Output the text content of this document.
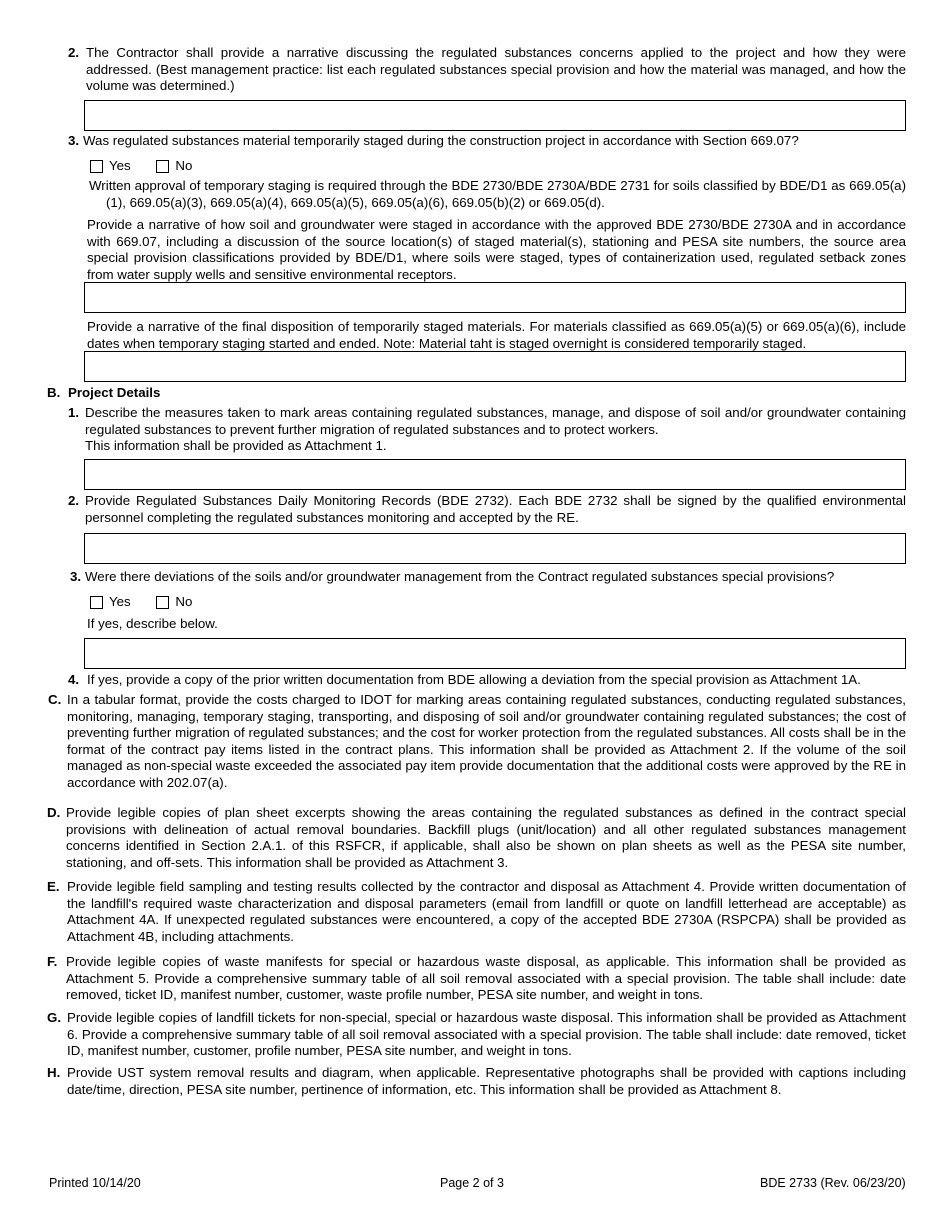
2. The Contractor shall provide a narrative discussing the regulated substances concerns applied to the project and how they were addressed. (Best management practice: list each regulated substances special provision and how the material was managed, and how the volume was determined.)
3. Was regulated substances material temporarily staged during the construction project in accordance with Section 669.07?
Yes
	No
Written approval of temporary staging is required through the BDE 2730/BDE 2730A/BDE 2731 for soils classified by BDE/D1 as 669.05(a)(1), 669.05(a)(3), 669.05(a)(4), 669.05(a)(5), 669.05(a)(6), 669.05(b)(2) or 669.05(d).
Provide a narrative of how soil and groundwater were staged in accordance with the approved BDE 2730/BDE 2730A and in accordance with 669.07, including a discussion of the source location(s) of staged material(s), stationing and PESA site numbers, the source area special provision classifications provided by BDE/D1, where soils were staged, types of containerization used, regulated setback zones from water supply wells and sensitive environmental receptors.
Provide a narrative of the final disposition of temporarily staged materials. For materials classified as 669.05(a)(5) or 669.05(a)(6), include dates when temporary staging started and ended. Note: Material taht is staged overnight is considered temporarily staged.
B. Project Details
1. Describe the measures taken to mark areas containing regulated substances, manage, and dispose of soil and/or groundwater containing regulated substances to prevent further migration of regulated substances and to protect workers.
This information shall be provided as Attachment 1.
2. Provide Regulated Substances Daily Monitoring Records (BDE 2732). Each BDE 2732 shall be signed by the qualified environmental personnel completing the regulated substances monitoring and accepted by the RE.
3. Were there deviations of the soils and/or groundwater management from the Contract regulated substances special provisions?
Yes
	No
If yes, describe below.
4. If yes, provide a copy of the prior written documentation from BDE allowing a deviation from the special provision as Attachment 1A.
C. In a tabular format, provide the costs charged to IDOT for marking areas containing regulated substances, conducting regulated substances, monitoring, managing, temporary staging, transporting, and disposing of soil and/or groundwater containing regulated substances; the cost of preventing further migration of regulated substances; and the cost for worker protection from the regulated substances. All costs shall be in the format of the contract pay items listed in the contract plans. This information shall be provided as Attachment 2. If the volume of the soil managed as non-special waste exceeded the associated pay item provide documentation that the additional costs were approved by the RE in accordance with 202.07(a).
D. Provide legible copies of plan sheet excerpts showing the areas containing the regulated substances as defined in the contract special provisions with delineation of actual removal boundaries. Backfill plugs (unit/location) and all other regulated substances management concerns identified in Section 2.A.1. of this RSFCR, if applicable, shall also be shown on plan sheets as well as the PESA site number, stationing, and off-sets. This information shall be provided as Attachment 3.
E. Provide legible field sampling and testing results collected by the contractor and disposal as Attachment 4. Provide written documentation of the landfill's required waste characterization and disposal parameters (email from landfill or quote on landfill letterhead are acceptable) as Attachment 4A. If unexpected regulated substances were encountered, a copy of the accepted BDE 2730A (RSPCPA) shall be provided as Attachment 4B, including attachments.
F. Provide legible copies of waste manifests for special or hazardous waste disposal, as applicable. This information shall be provided as Attachment 5. Provide a comprehensive summary table of all soil removal associated with a special provision. The table shall include: date removed, ticket ID, manifest number, customer, waste profile number, PESA site number, and weight in tons.
G. Provide legible copies of landfill tickets for non-special, special or hazardous waste disposal. This information shall be provided as Attachment 6. Provide a comprehensive summary table of all soil removal associated with a special provision. The table shall include: date removed, ticket ID, manifest number, customer, profile number, PESA site number, and weight in tons.
H. Provide UST system removal results and diagram, when applicable. Representative photographs shall be provided with captions including date/time, direction, PESA site number, pertinence of information, etc. This information shall be provided as Attachment 8.
Printed 10/14/20	Page 2 of 3	BDE 2733 (Rev. 06/23/20)
